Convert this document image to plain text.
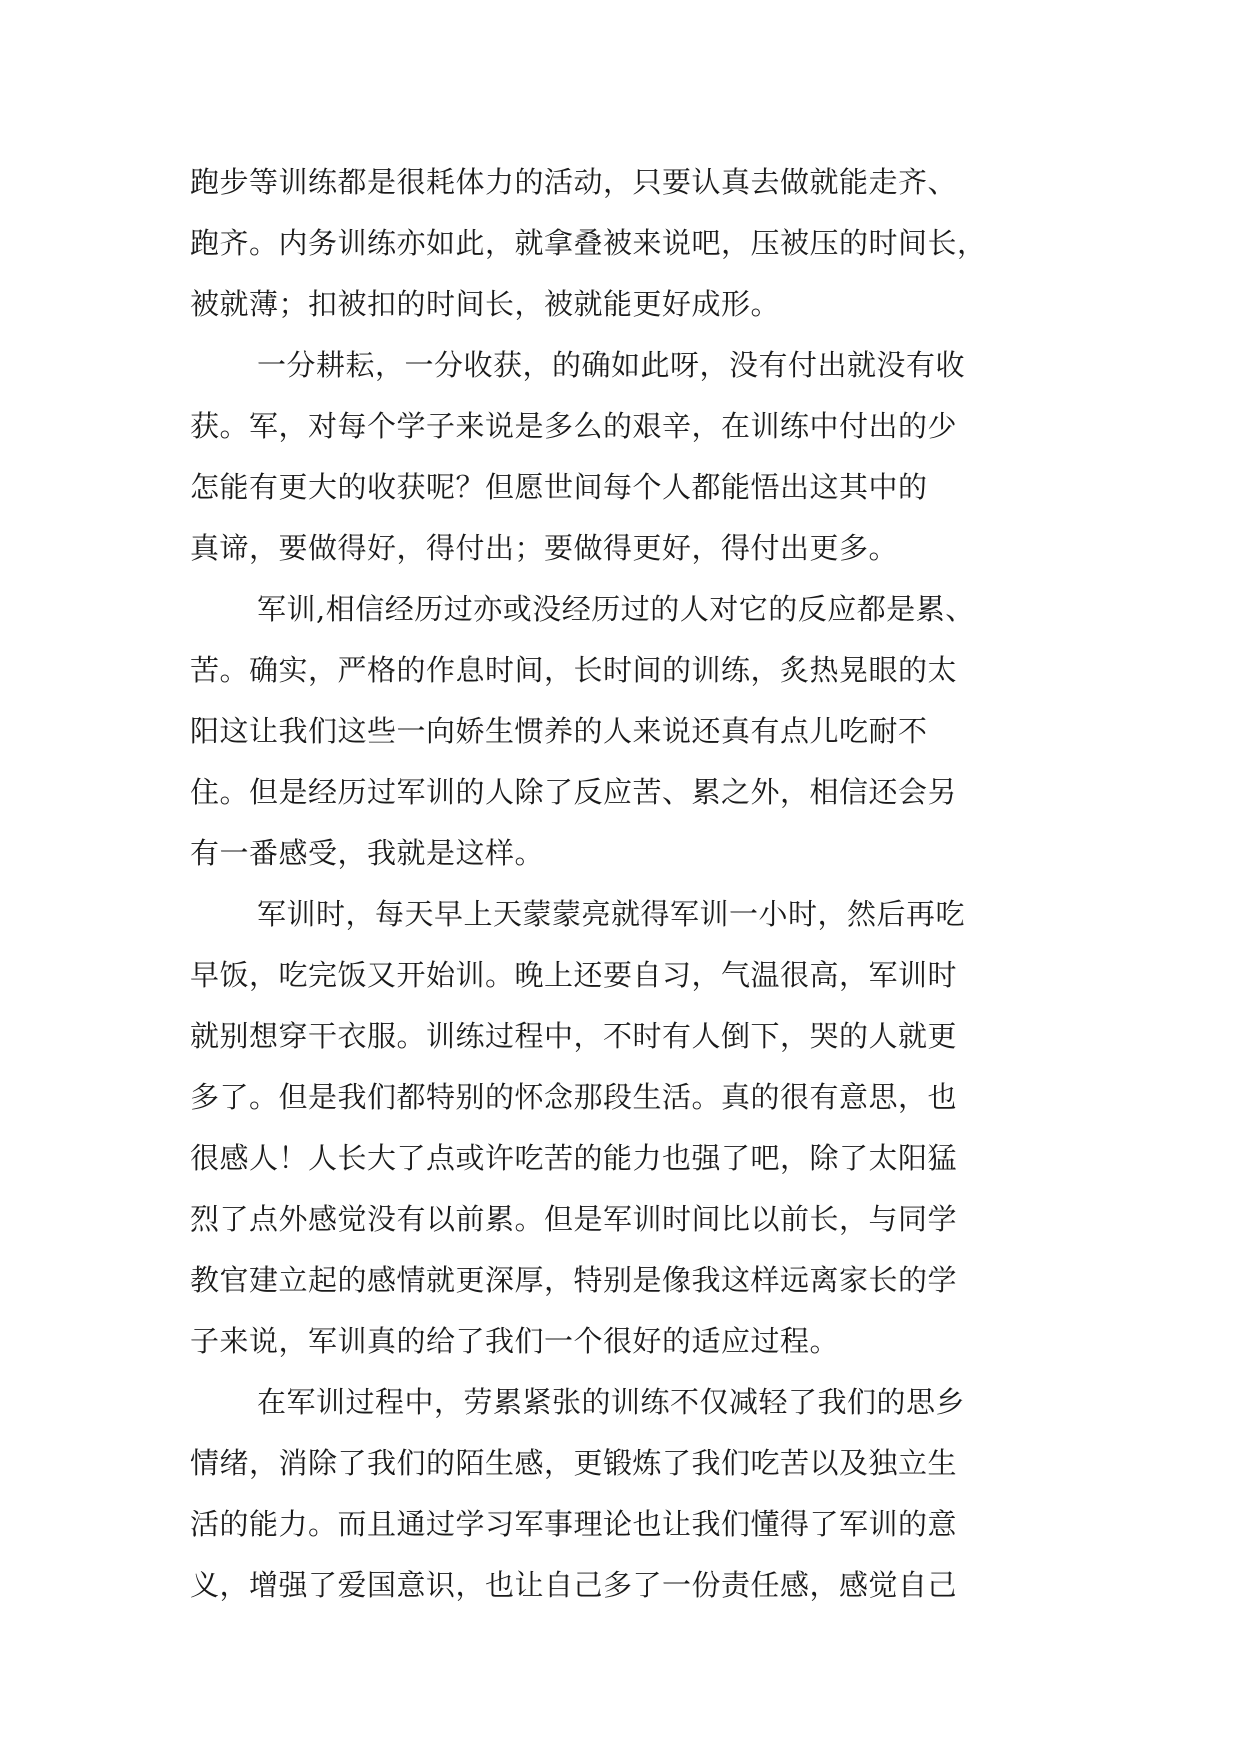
跑步等训练都是很耗体力的活动，只要认真去做就能走齐、
跑齐。内务训练亦如此，就拿叠被来说吧，压被压的时间长，
被就薄；扣被扣的时间长，被就能更好成形。
一分耕耘，一分收获，的确如此呀，没有付出就没有收
获。军，对每个学子来说是多么的艰辛，在训练中付出的少
怎能有更大的收获呢？但愿世间每个人都能悟出这其中的
真谛，要做得好，得付出；要做得更好，得付出更多。
军训,相信经历过亦或没经历过的人对它的反应都是累、
苦。确实，严格的作息时间，长时间的训练，炙热晃眼的太
阳这让我们这些一向娇生惯养的人来说还真有点儿吃耐不
住。但是经历过军训的人除了反应苦、累之外，相信还会另
有一番感受，我就是这样。
军训时，每天早上天蒙蒙亮就得军训一小时，然后再吃
早饭，吃完饭又开始训。晚上还要自习，气温很高，军训时
就别想穿干衣服。训练过程中，不时有人倒下，哭的人就更
多了。但是我们都特别的怀念那段生活。真的很有意思，也
很感人！人长大了点或许吃苦的能力也强了吧，除了太阳猛
烈了点外感觉没有以前累。但是军训时间比以前长，与同学
教官建立起的感情就更深厚，特别是像我这样远离家长的学
子来说，军训真的给了我们一个很好的适应过程。
在军训过程中，劳累紧张的训练不仅减轻了我们的思乡
情绪，消除了我们的陌生感，更锻炼了我们吃苦以及独立生
活的能力。而且通过学习军事理论也让我们懂得了军训的意
义，增强了爱国意识，也让自己多了一份责任感，感觉自己
